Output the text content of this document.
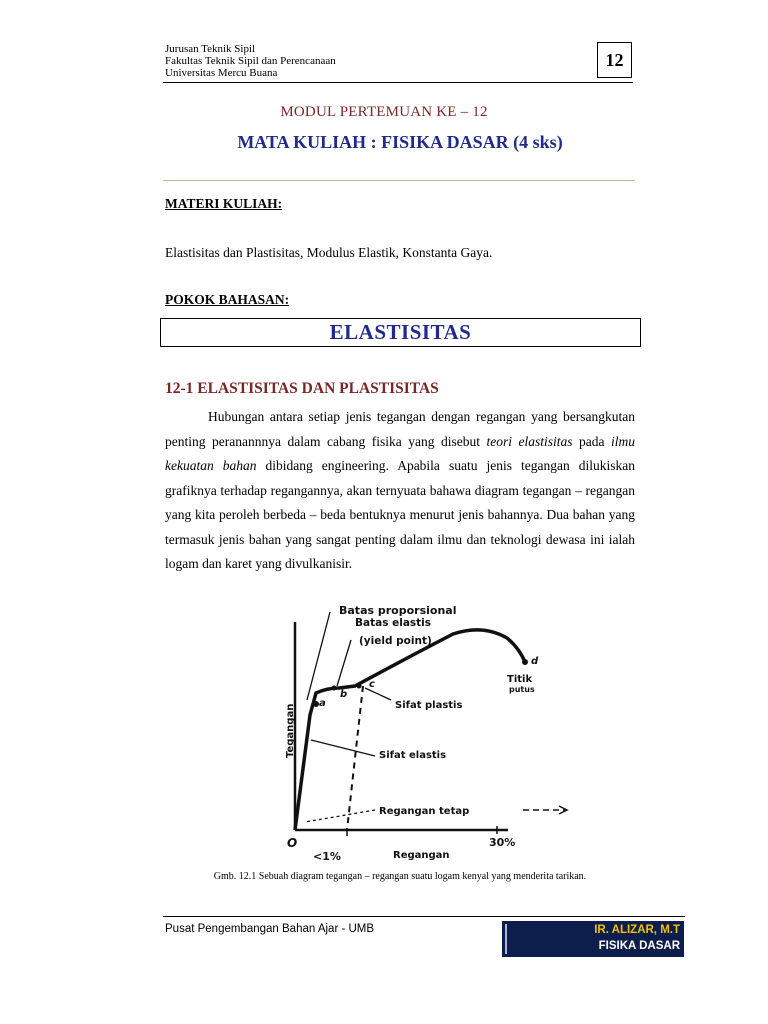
Jurusan Teknik Sipil
Fakultas Teknik Sipil dan Perencanaan
Universitas Mercu Buana
12
MODUL PERTEMUAN KE – 12
MATA KULIAH : FISIKA DASAR (4 sks)
MATERI KULIAH:
Elastisitas dan Plastisitas, Modulus Elastik, Konstanta Gaya.
POKOK BAHASAN:
ELASTISITAS
12-1 ELASTISITAS DAN PLASTISITAS
Hubungan antara setiap jenis tegangan dengan regangan yang bersangkutan penting peranannnya dalam cabang fisika yang disebut teori elastisitas pada ilmu kekuatan bahan dibidang engineering. Apabila suatu jenis tegangan dilukiskan grafiknya terhadap regangannya, akan ternyuata bahawa diagram tegangan – regangan yang kita peroleh berbeda – beda bentuknya menurut jenis bahannya. Dua bahan yang termasuk jenis bahan yang sangat penting dalam ilmu dan teknologi dewasa ini ialah logam dan karet yang divulkanisir.
Batas proporsional
Batas elastis
(yield point)
Titik
putus
Sifat plastis
Sifat elastis
Regangan tetap
Tegangan
Regangan
O
<1%
30%
a
b
c
d
Gmb. 12.1 Sebuah diagram tegangan – regangan suatu logam kenyal yang menderita tarikan.
Pusat Pengembangan Bahan Ajar - UMB	IR. ALIZAR, M.T
FISIKA DASAR
